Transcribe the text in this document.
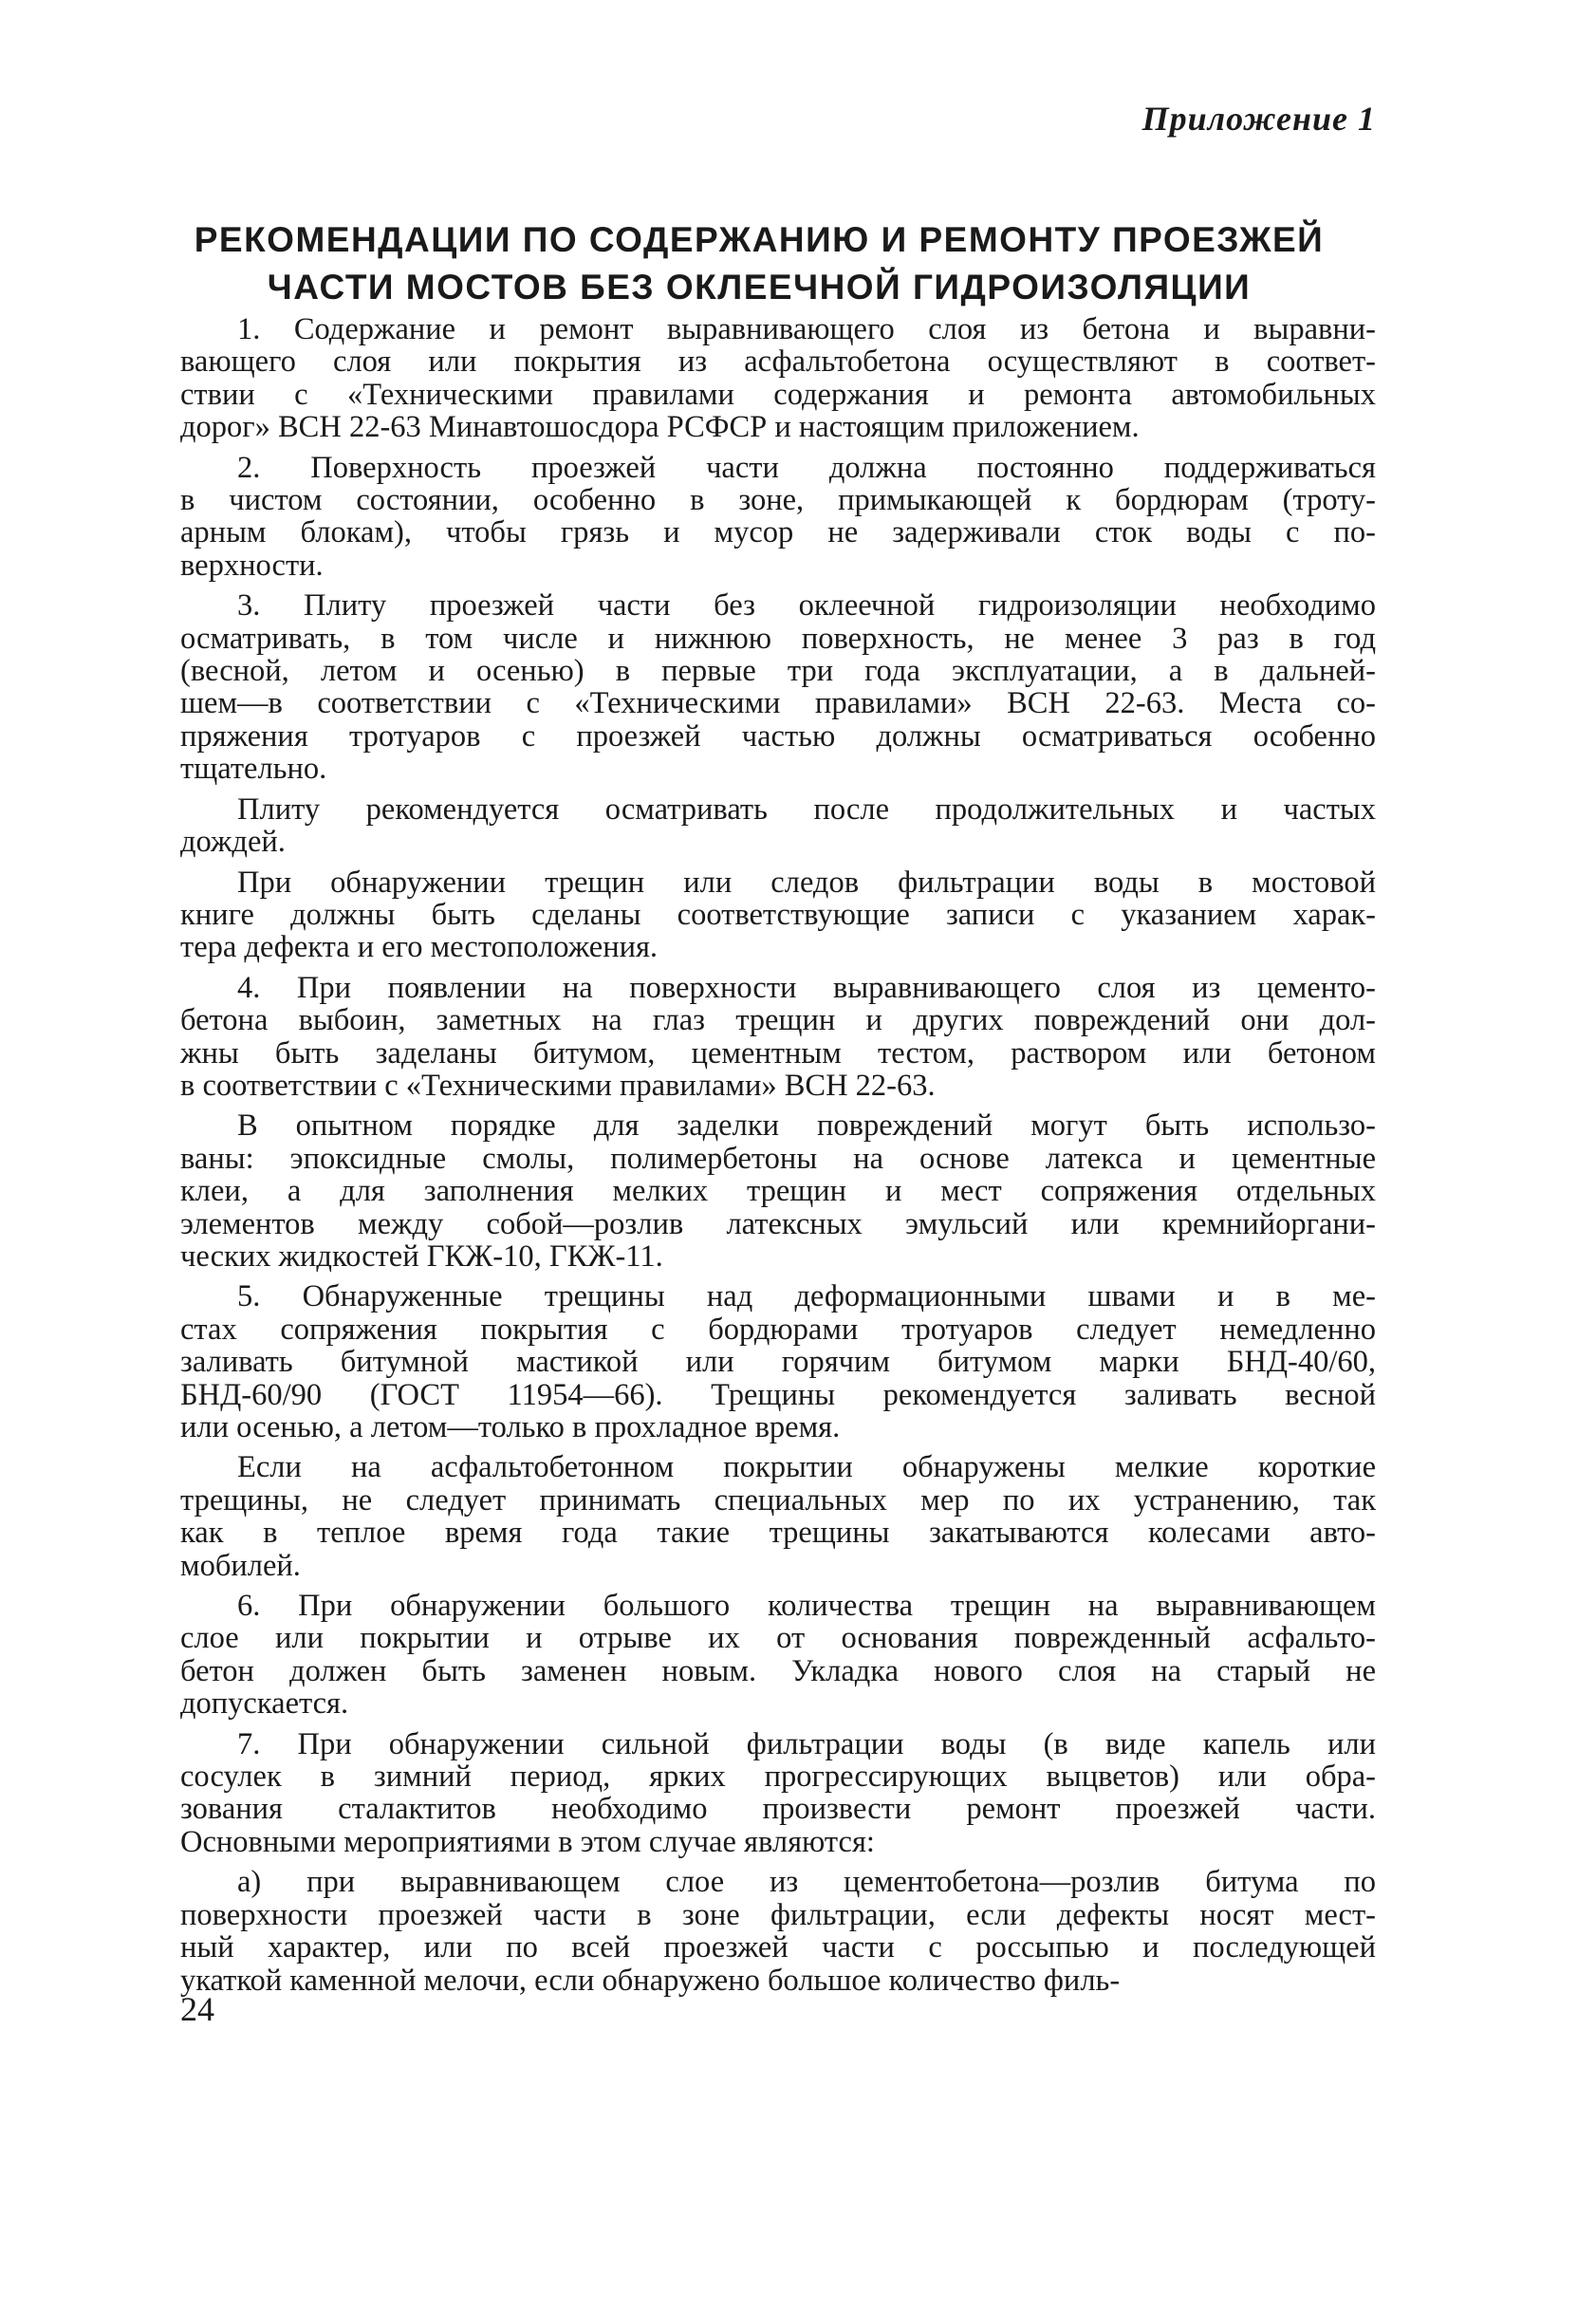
Приложение 1
РЕКОМЕНДАЦИИ ПО СОДЕРЖАНИЮ И РЕМОНТУ ПРОЕЗЖЕЙ
ЧАСТИ МОСТОВ БЕЗ ОКЛЕЕЧНОЙ ГИДРОИЗОЛЯЦИИ

1. Содержание и ремонт выравнивающего слоя из бетона и выравни-
вающего слоя или покрытия из асфальтобетона осуществляют в соответ-
ствии с «Техническими правилами содержания и ремонта автомобильных
дорог» ВСН 22-63 Минавтошосдора РСФСР и настоящим приложением.

2. Поверхность проезжей части должна постоянно поддерживаться
в чистом состоянии, особенно в зоне, примыкающей к бордюрам (троту-
арным блокам), чтобы грязь и мусор не задерживали сток воды с по-
верхности.

3. Плиту проезжей части без оклеечной гидроизоляции необходимо
осматривать, в том числе и нижнюю поверхность, не менее 3 раз в год
(весной, летом и осенью) в первые три года эксплуатации, а в дальней-
шем—в соответствии с «Техническими правилами» ВСН 22-63. Места со-
пряжения тротуаров с проезжей частью должны осматриваться особенно
тщательно.

Плиту рекомендуется осматривать после продолжительных и частых
дождей.

При обнаружении трещин или следов фильтрации воды в мостовой
книге должны быть сделаны соответствующие записи с указанием харак-
тера дефекта и его местоположения.

4. При появлении на поверхности выравнивающего слоя из цементо-
бетона выбоин, заметных на глаз трещин и других повреждений они дол-
жны быть заделаны битумом, цементным тестом, раствором или бетоном
в соответствии с «Техническими правилами» ВСН 22-63.

В опытном порядке для заделки повреждений могут быть использо-
ваны: эпоксидные смолы, полимербетоны на основе латекса и цементные
клеи, а для заполнения мелких трещин и мест сопряжения отдельных
элементов между собой—розлив латексных эмульсий или кремнийоргани-
ческих жидкостей ГКЖ-10, ГКЖ-11.

5. Обнаруженные трещины над деформационными швами и в ме-
стах сопряжения покрытия с бордюрами тротуаров следует немедленно
заливать битумной мастикой или горячим битумом марки БНД-40/60,
БНД-60/90 (ГОСТ 11954—66). Трещины рекомендуется заливать весной
или осенью, а летом—только в прохладное время.

Если на асфальтобетонном покрытии обнаружены мелкие короткие
трещины, не следует принимать специальных мер по их устранению, так
как в теплое время года такие трещины закатываются колесами авто-
мобилей.

6. При обнаружении большого количества трещин на выравнивающем
слое или покрытии и отрыве их от основания поврежденный асфальто-
бетон должен быть заменен новым. Укладка нового слоя на старый не
допускается.

7. При обнаружении сильной фильтрации воды (в виде капель или
сосулек в зимний период, ярких прогрессирующих выцветов) или обра-
зования сталактитов необходимо произвести ремонт проезжей части.
Основными мероприятиями в этом случае являются:

а) при выравнивающем слое из цементобетона—розлив битума по
поверхности проезжей части в зоне фильтрации, если дефекты носят мест-
ный характер, или по всей проезжей части с россыпью и последующей
укаткой каменной мелочи, если обнаружено большое количество филь-

24
